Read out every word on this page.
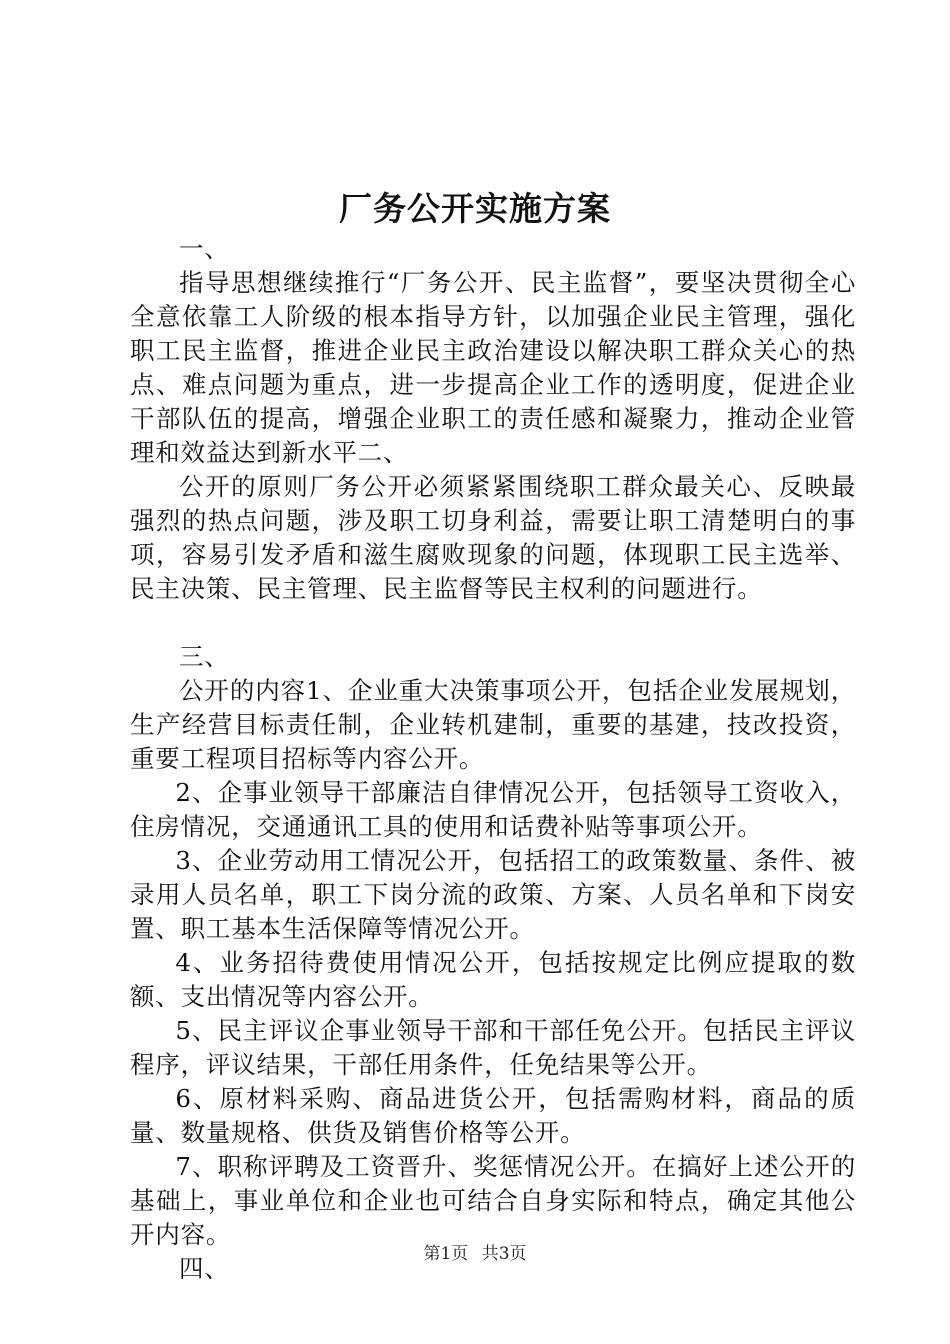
厂务公开实施方案

一、

指导思想继续推行“厂务公开、民主监督”，要坚决贯彻全心全意依靠工人阶级的根本指导方针，以加强企业民主管理，强化职工民主监督，推进企业民主政治建设以解决职工群众关心的热点、难点问题为重点，进一步提高企业工作的透明度，促进企业干部队伍的提高，增强企业职工的责任感和凝聚力，推动企业管理和效益达到新水平二、

公开的原则厂务公开必须紧紧围绕职工群众最关心、反映最强烈的热点问题，涉及职工切身利益，需要让职工清楚明白的事项，容易引发矛盾和滋生腐败现象的问题，体现职工民主选举、民主决策、民主管理、民主监督等民主权利的问题进行。

三、

公开的内容1、企业重大决策事项公开，包括企业发展规划，生产经营目标责任制，企业转机建制，重要的基建，技改投资，重要工程项目招标等内容公开。

2、企事业领导干部廉洁自律情况公开，包括领导工资收入，住房情况，交通通讯工具的使用和话费补贴等事项公开。

3、企业劳动用工情况公开，包括招工的政策数量、条件、被录用人员名单，职工下岗分流的政策、方案、人员名单和下岗安置、职工基本生活保障等情况公开。

4、业务招待费使用情况公开，包括按规定比例应提取的数额、支出情况等内容公开。

5、民主评议企事业领导干部和干部任免公开。包括民主评议程序，评议结果，干部任用条件，任免结果等公开。

6、原材料采购、商品进货公开，包括需购材料，商品的质量、数量规格、供货及销售价格等公开。

7、职称评聘及工资晋升、奖惩情况公开。在搞好上述公开的基础上，事业单位和企业也可结合自身实际和特点，确定其他公开内容。

四、	第1页 共3页
